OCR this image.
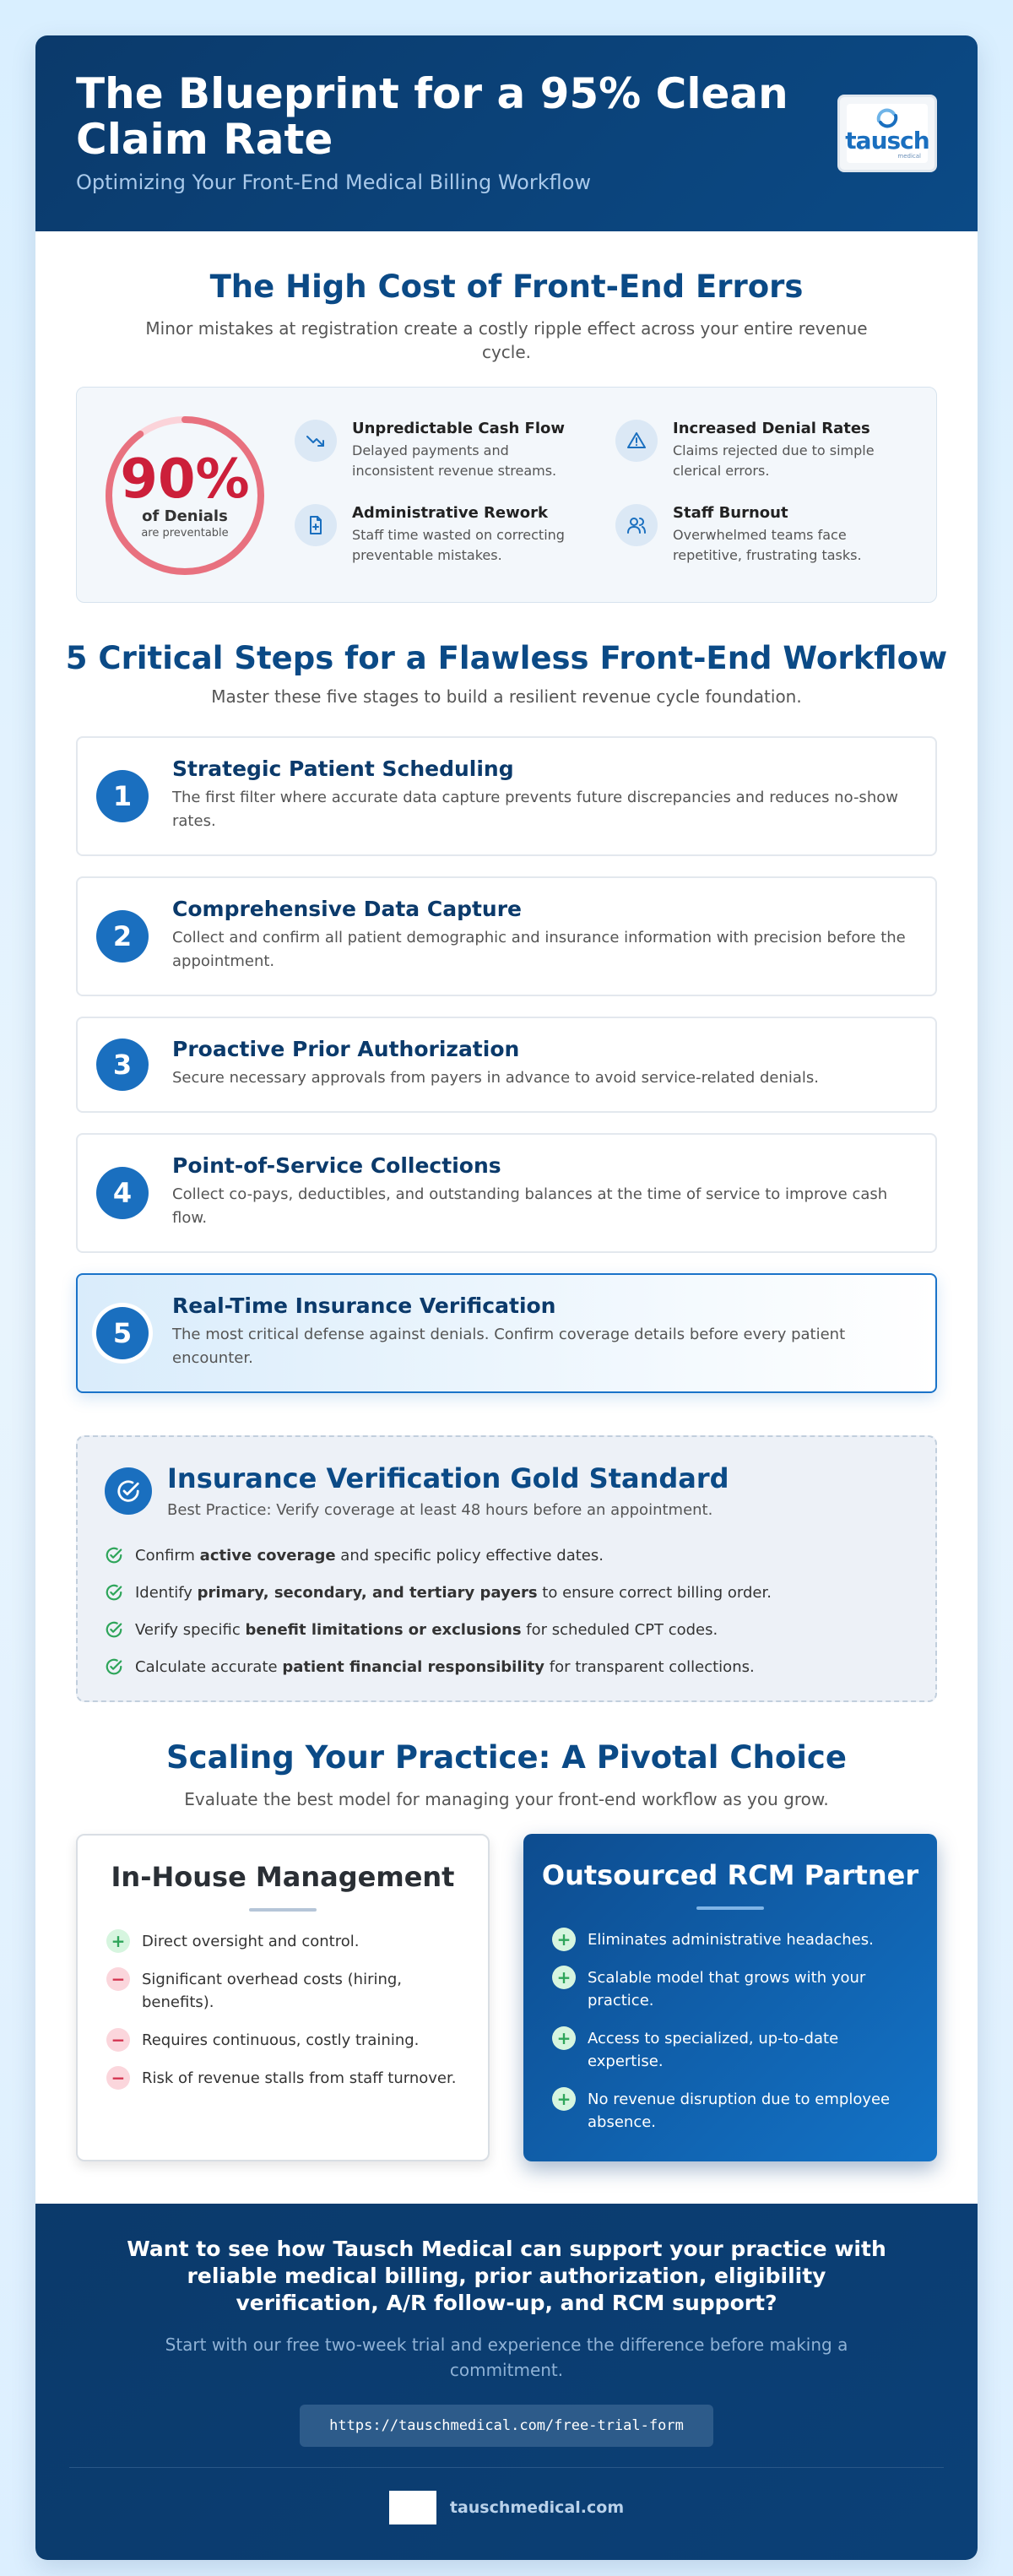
The Blueprint for a 95% Clean Claim Rate
Optimizing Your Front-End Medical Billing Workflow
tausch
medical
The High Cost of Front-End Errors
Minor mistakes at registration create a costly ripple effect across your entire revenue cycle.
90%
of Denials
are preventable
Unpredictable Cash Flow

Delayed payments and inconsistent revenue streams.

Increased Denial Rates

Claims rejected due to simple clerical errors.

Administrative Rework

Staff time wasted on correcting preventable mistakes.

Staff Burnout

Overwhelmed teams face repetitive, frustrating tasks.

5 Critical Steps for a Flawless Front-End Workflow
Master these five stages to build a resilient revenue cycle foundation.
1
Strategic Patient Scheduling

The first filter where accurate data capture prevents future discrepancies and reduces no-show rates.

2
Comprehensive Data Capture

Collect and confirm all patient demographic and insurance information with precision before the appointment.

3	Proactive Prior Authorization

Secure necessary approvals from payers in advance to avoid service-related denials.

4
Point-of-Service Collections

Collect co-pays, deductibles, and outstanding balances at the time of service to improve cash flow.

5
Real-Time Insurance Verification

The most critical defense against denials. Confirm coverage details before every patient encounter.

Insurance Verification Gold Standard
Best Practice: Verify coverage at least 48 hours before an appointment.
Confirm active coverage and specific policy effective dates.
Identify primary, secondary, and tertiary payers to ensure correct billing order.
Verify specific benefit limitations or exclusions for scheduled CPT codes.
Calculate accurate patient financial responsibility for transparent collections.
Scaling Your Practice: A Pivotal Choice
Evaluate the best model for managing your front-end workflow as you grow.
In-House Management
+	Direct oversight and control.
−	Significant overhead costs (hiring, benefits).
−	Requires continuous, costly training.
−	Risk of revenue stalls from staff turnover.
Outsourced RCM Partner
+	Eliminates administrative headaches.
+	Scalable model that grows with your practice.
+	Access to specialized, up-to-date expertise.
+	No revenue disruption due to employee absence.
Want to see how Tausch Medical can support your practice with reliable medical billing, prior authorization, eligibility verification, A/R follow-up, and RCM support?
Start with our free two-week trial and experience the difference before making a commitment.
https://tauschmedical.com/free-trial-form
tauschmedical.com
